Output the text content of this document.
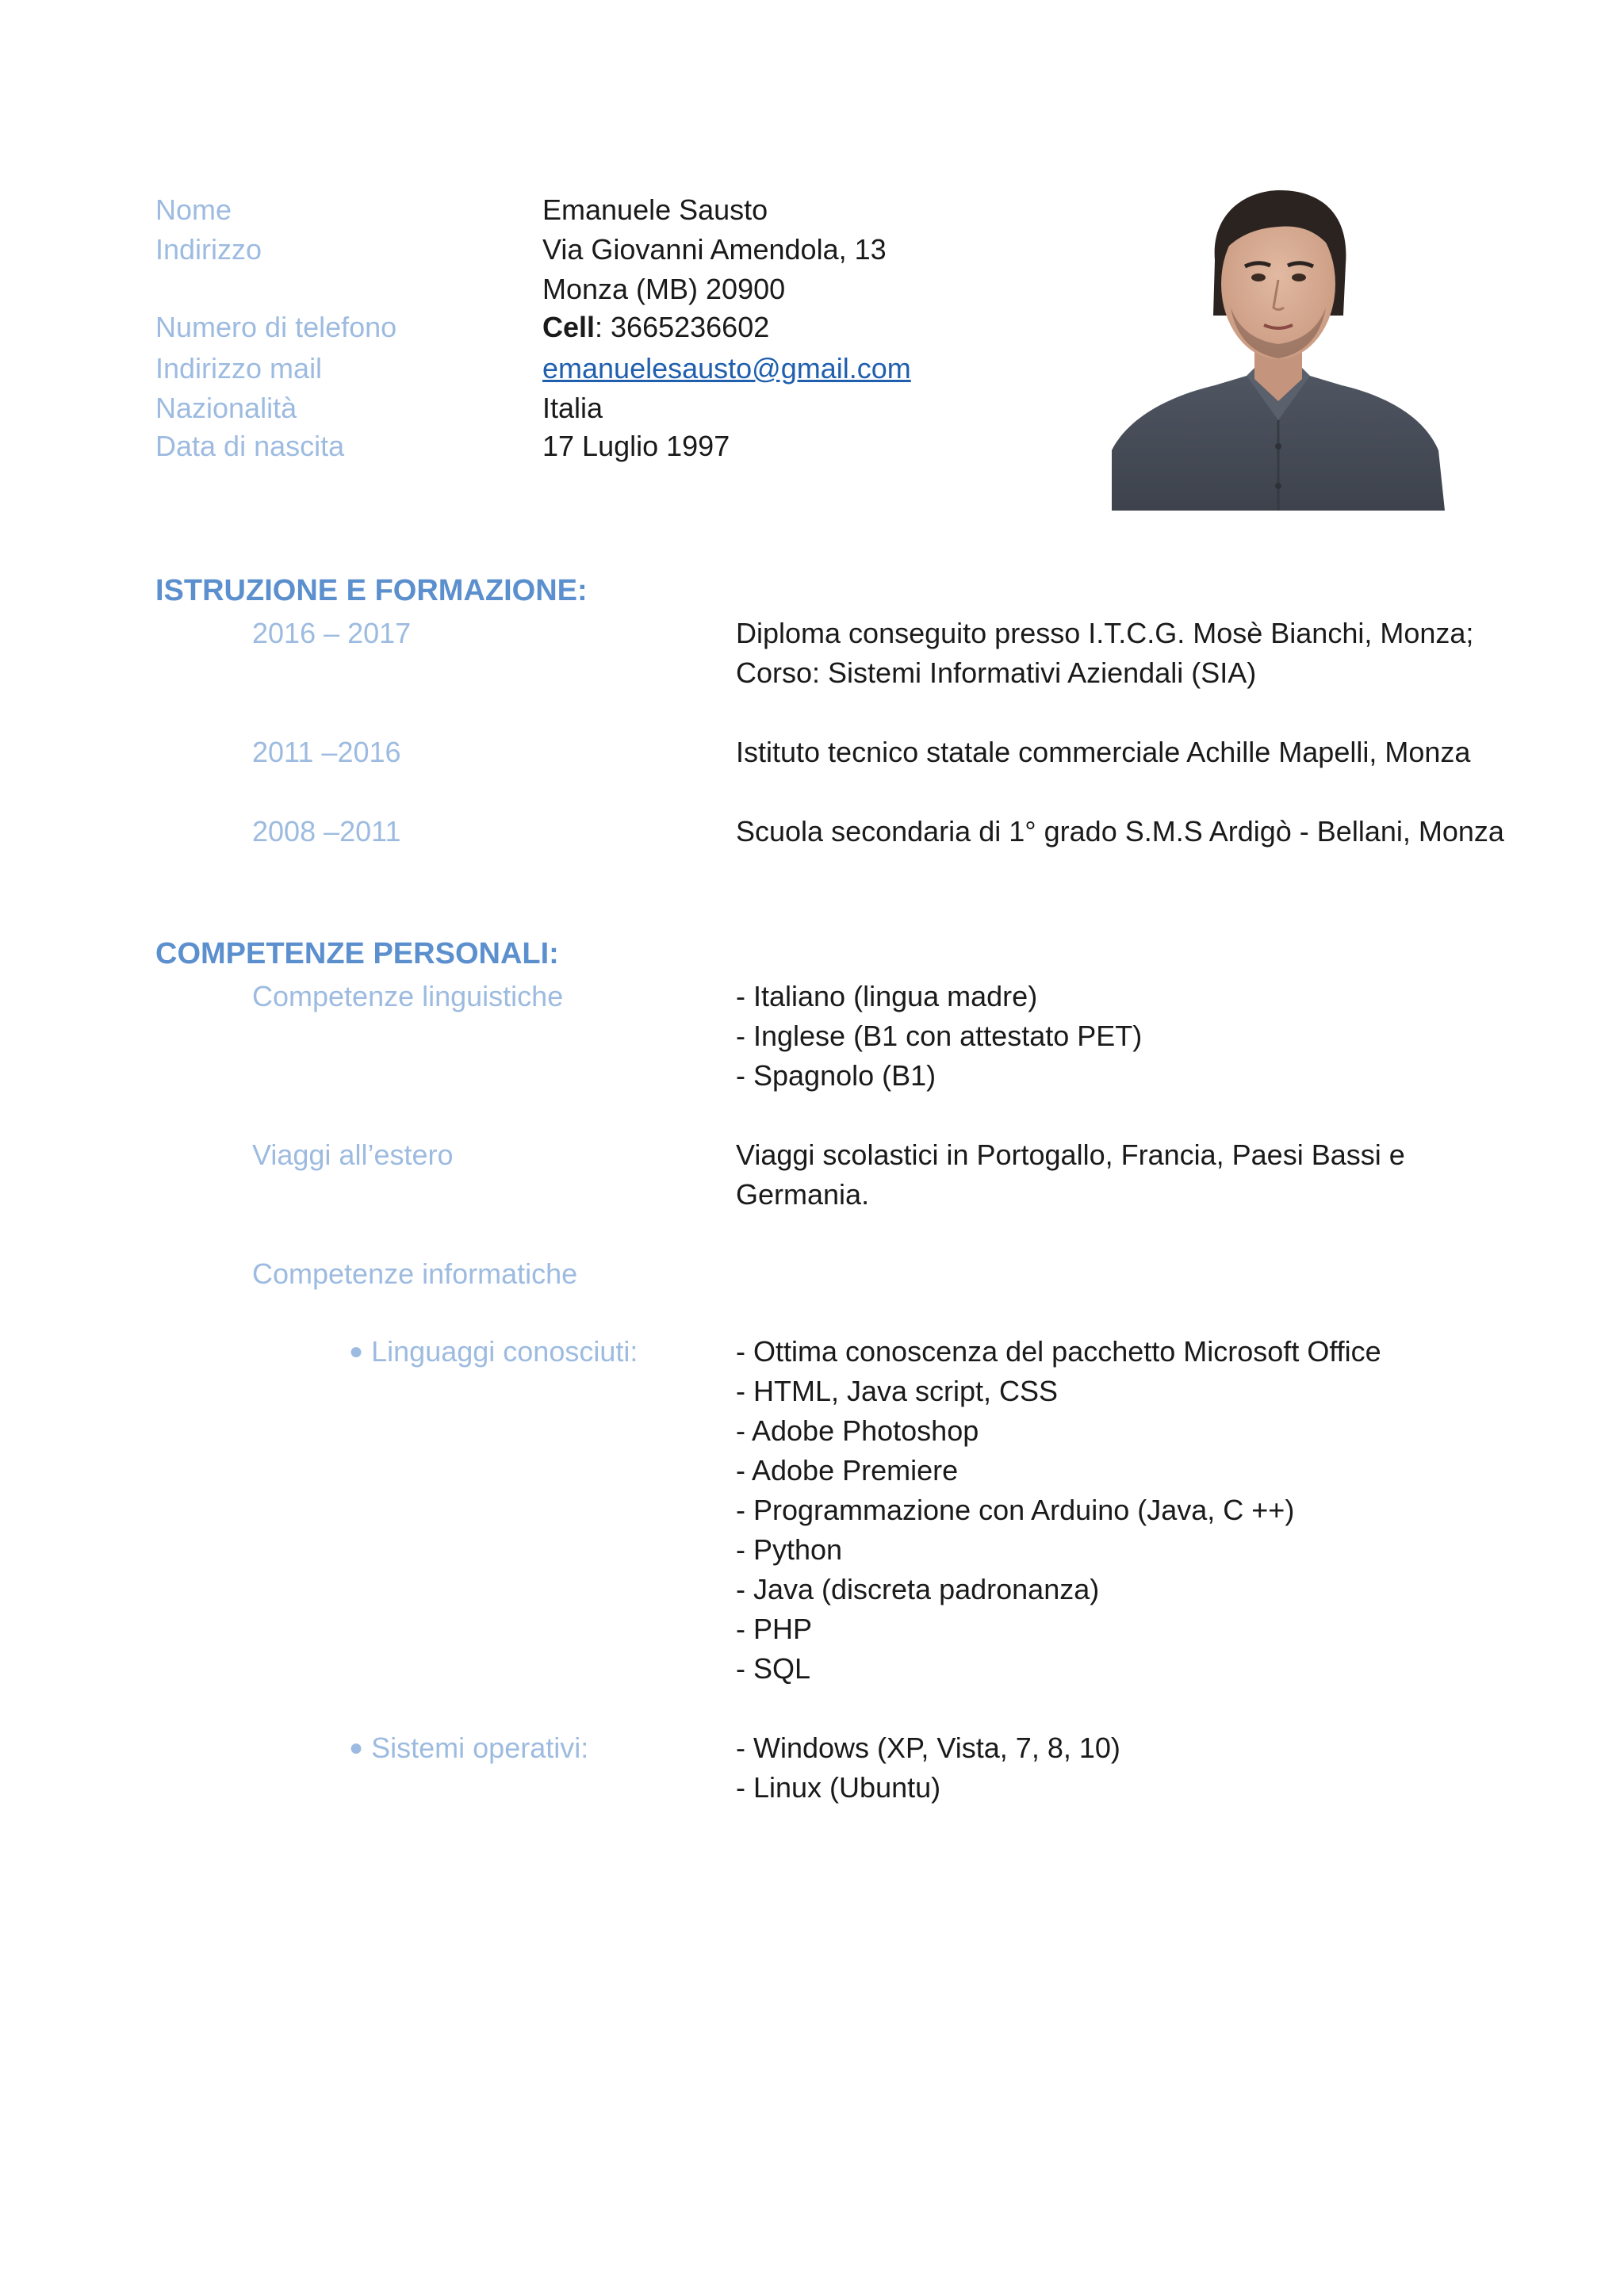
Nome	Emanuele Sausto
Indirizzo	Via Giovanni Amendola, 13
Monza (MB) 20900
Numero di telefono	Cell: 3665236602
Indirizzo mail	emanuelesausto@gmail.com
Nazionalità	Italia
Data di nascita	17 Luglio 1997
ISTRUZIONE E FORMAZIONE:
2016 – 2017	Diploma conseguito presso I.T.C.G. Mosè Bianchi, Monza;
Corso: Sistemi Informativi Aziendali (SIA)
2011 –2016	Istituto tecnico statale commerciale Achille Mapelli, Monza
2008 –2011	Scuola secondaria di 1° grado S.M.S Ardigò - Bellani, Monza
COMPETENZE PERSONALI:
Competenze linguistiche	- Italiano (lingua madre)
- Inglese (B1 con attestato PET)
- Spagnolo (B1)
Viaggi all’estero	Viaggi scolastici in Portogallo, Francia, Paesi Bassi e
Germania.
Competenze informatiche
● Linguaggi conosciuti:	- Ottima conoscenza del pacchetto Microsoft Office
- HTML, Java script, CSS
- Adobe Photoshop
- Adobe Premiere
- Programmazione con Arduino (Java, C ++)
- Python
- Java (discreta padronanza)
- PHP
- SQL
● Sistemi operativi:	- Windows (XP, Vista, 7, 8, 10)
- Linux (Ubuntu)
